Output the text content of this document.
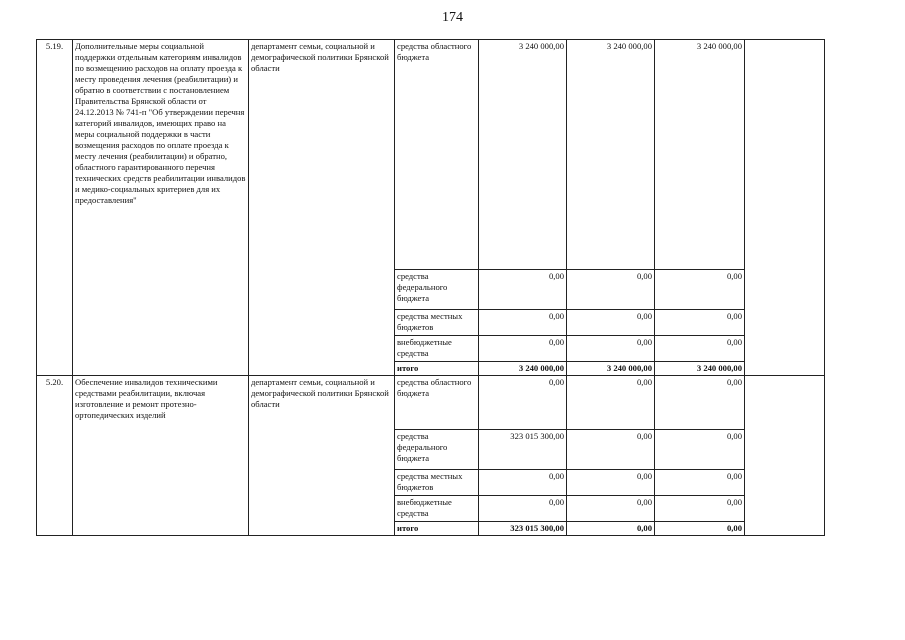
174
5.19.	Дополнительные меры социальной поддержки отдельным категориям инвалидов по возмещению расходов на оплату проезда к месту проведения лечения (реабилитации) и обратно в соответствии с постановлением Правительства Брянской области от 24.12.2013 № 741-п "Об утверждении перечня категорий инвалидов, имеющих право на меры социальной поддержки в части возмещения расходов по оплате проезда к месту лечения (реабилитации) и обратно, областного гарантированного перечня технических средств реабилитации инвалидов и медико-социальных критериев для их предоставления"	департамент семьи, социальной и демографической политики Брянской области	средства областного бюджета	3 240 000,00	3 240 000,00	3 240 000,00	
			средства федерального бюджета	0,00	0,00	0,00	
			средства местных бюджетов	0,00	0,00	0,00	
			внебюджетные средства	0,00	0,00	0,00	
			итого	3 240 000,00	3 240 000,00	3 240 000,00	
5.20.	Обеспечение инвалидов техническими средствами реабилитации, включая изготовление и ремонт протезно-ортопедических изделий	департамент семьи, социальной и демографической политики Брянской области	средства областного бюджета	0,00	0,00	0,00	
			средства федерального бюджета	323 015 300,00	0,00	0,00	
			средства местных бюджетов	0,00	0,00	0,00	
			внебюджетные средства	0,00	0,00	0,00	
			итого	323 015 300,00	0,00	0,00	
